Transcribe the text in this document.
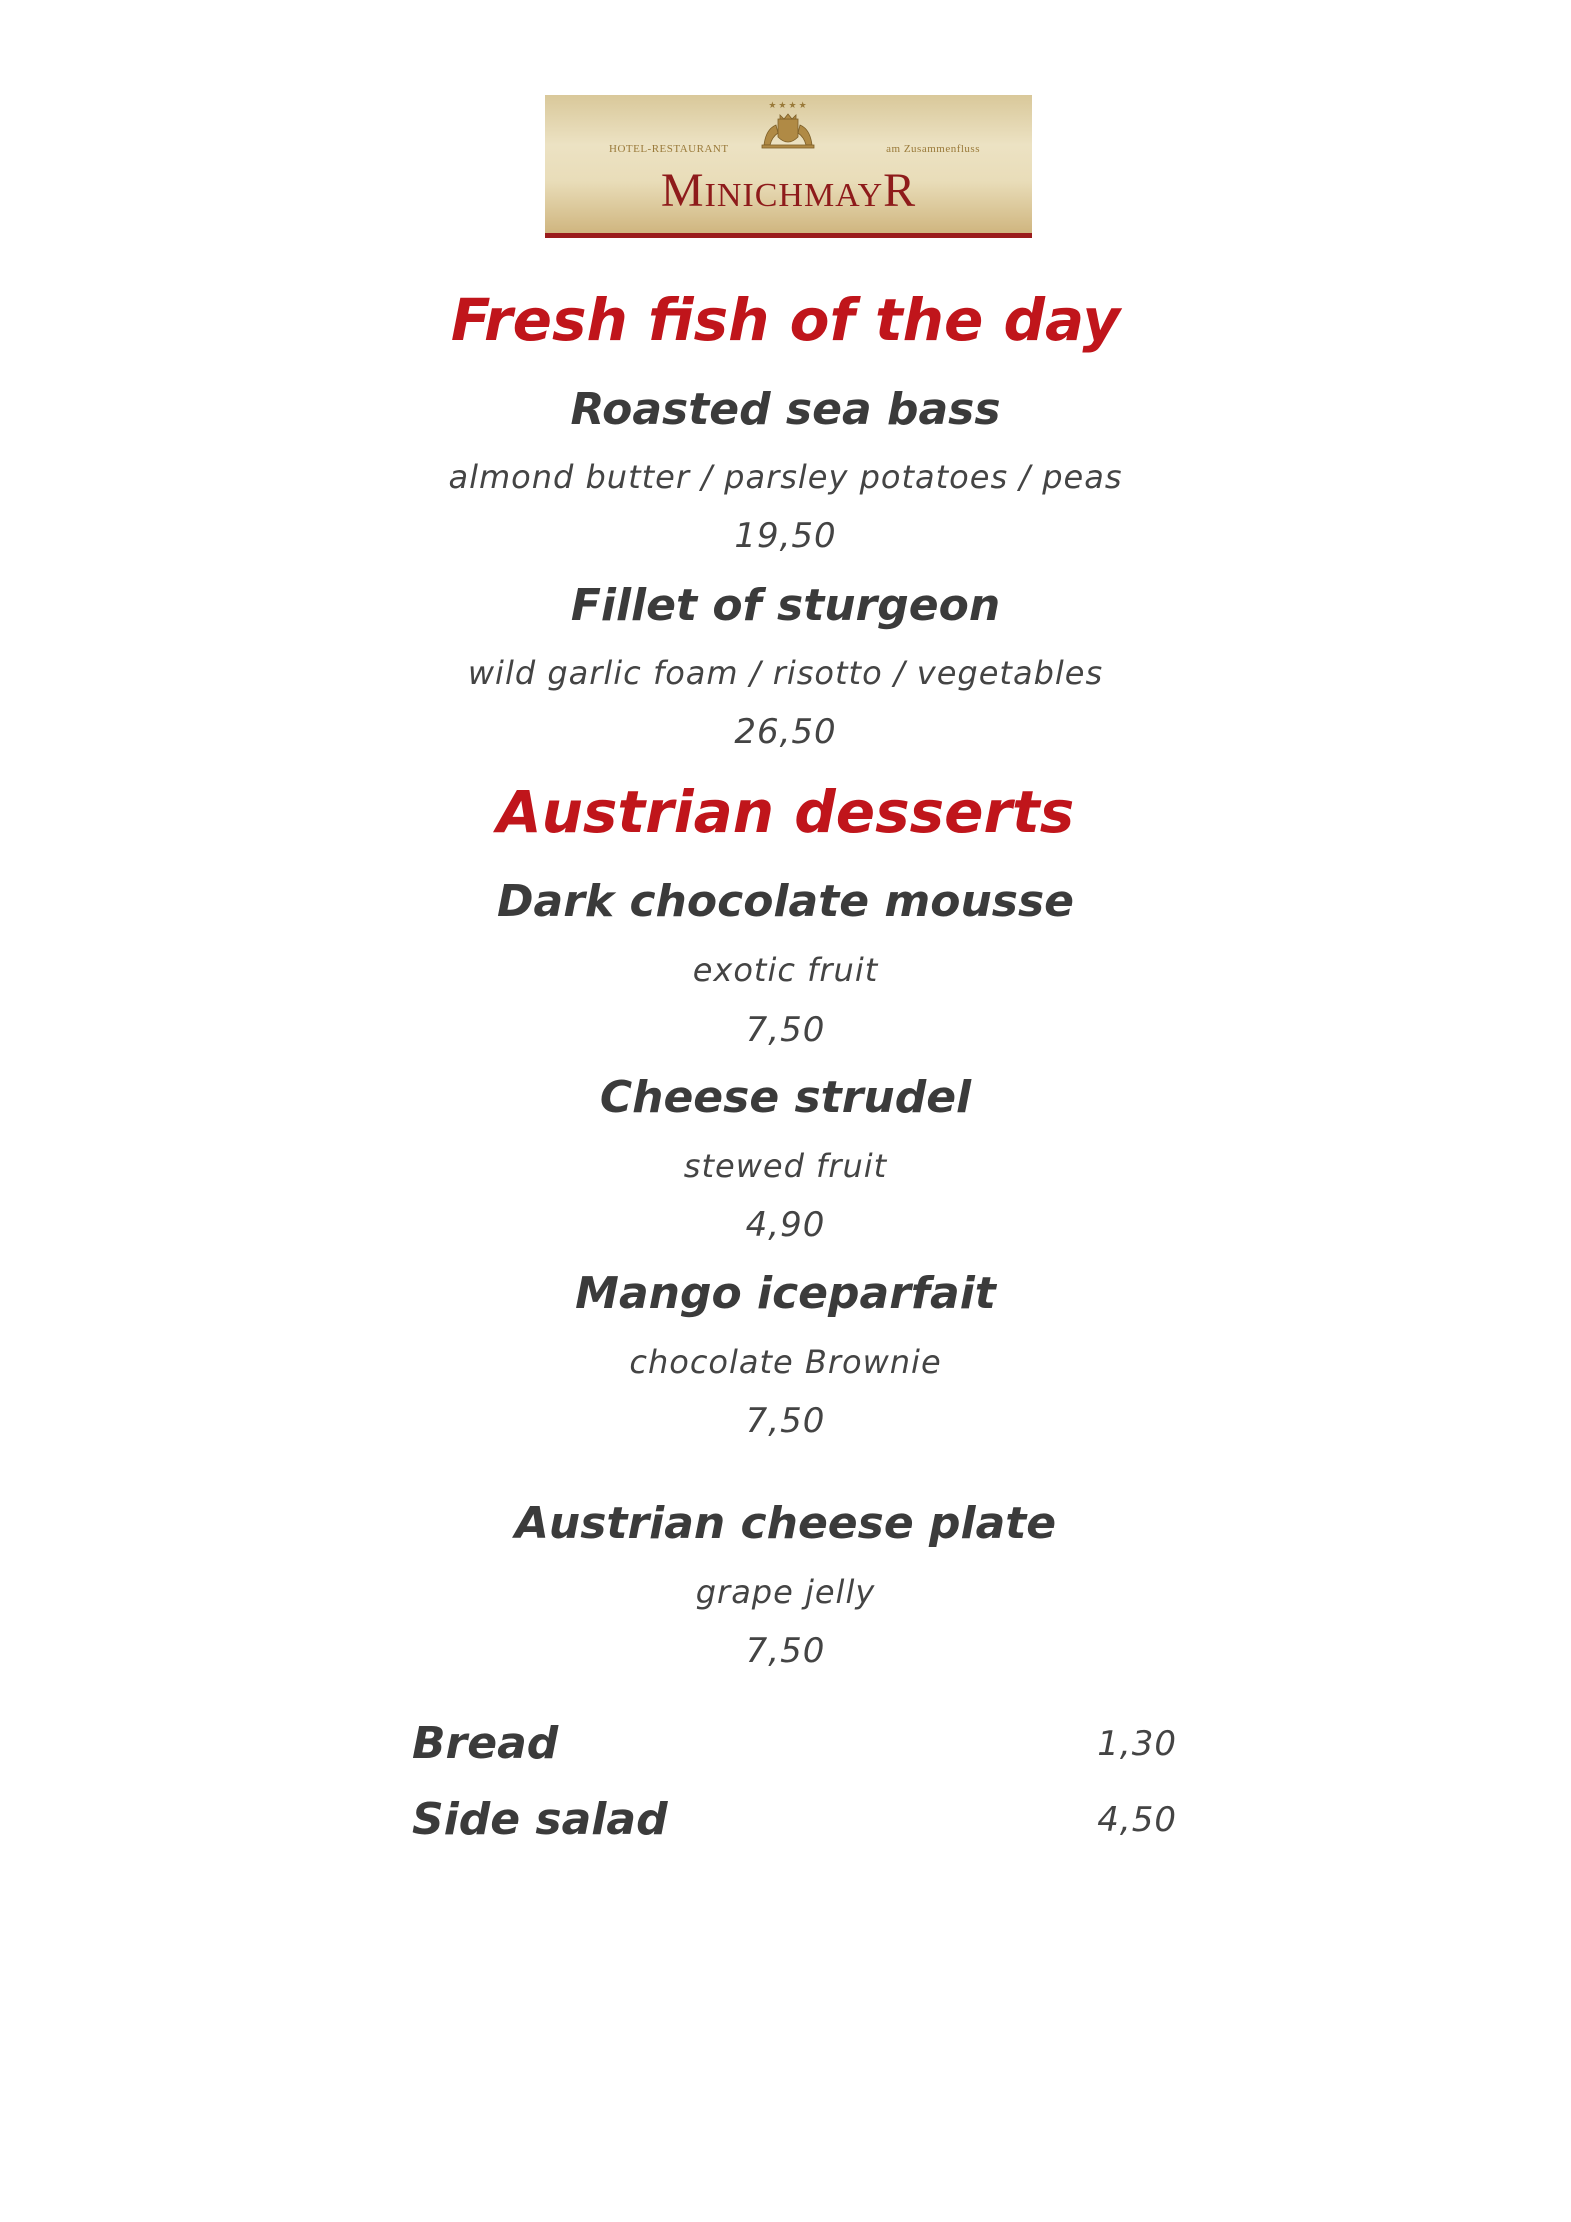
★★★★
HOTEL-RESTAURANT	am Zusammenfluss
MinichmayR
Fresh fish of the day
Roasted sea bass
almond butter / parsley potatoes / peas
19,50
Fillet of sturgeon
wild garlic foam / risotto / vegetables
26,50
Austrian desserts
Dark chocolate mousse
exotic fruit
7,50
Cheese strudel
stewed fruit
4,90
Mango iceparfait
chocolate Brownie
7,50
Austrian cheese plate
grape jelly
7,50
Bread	1,30
Side salad	4,50
